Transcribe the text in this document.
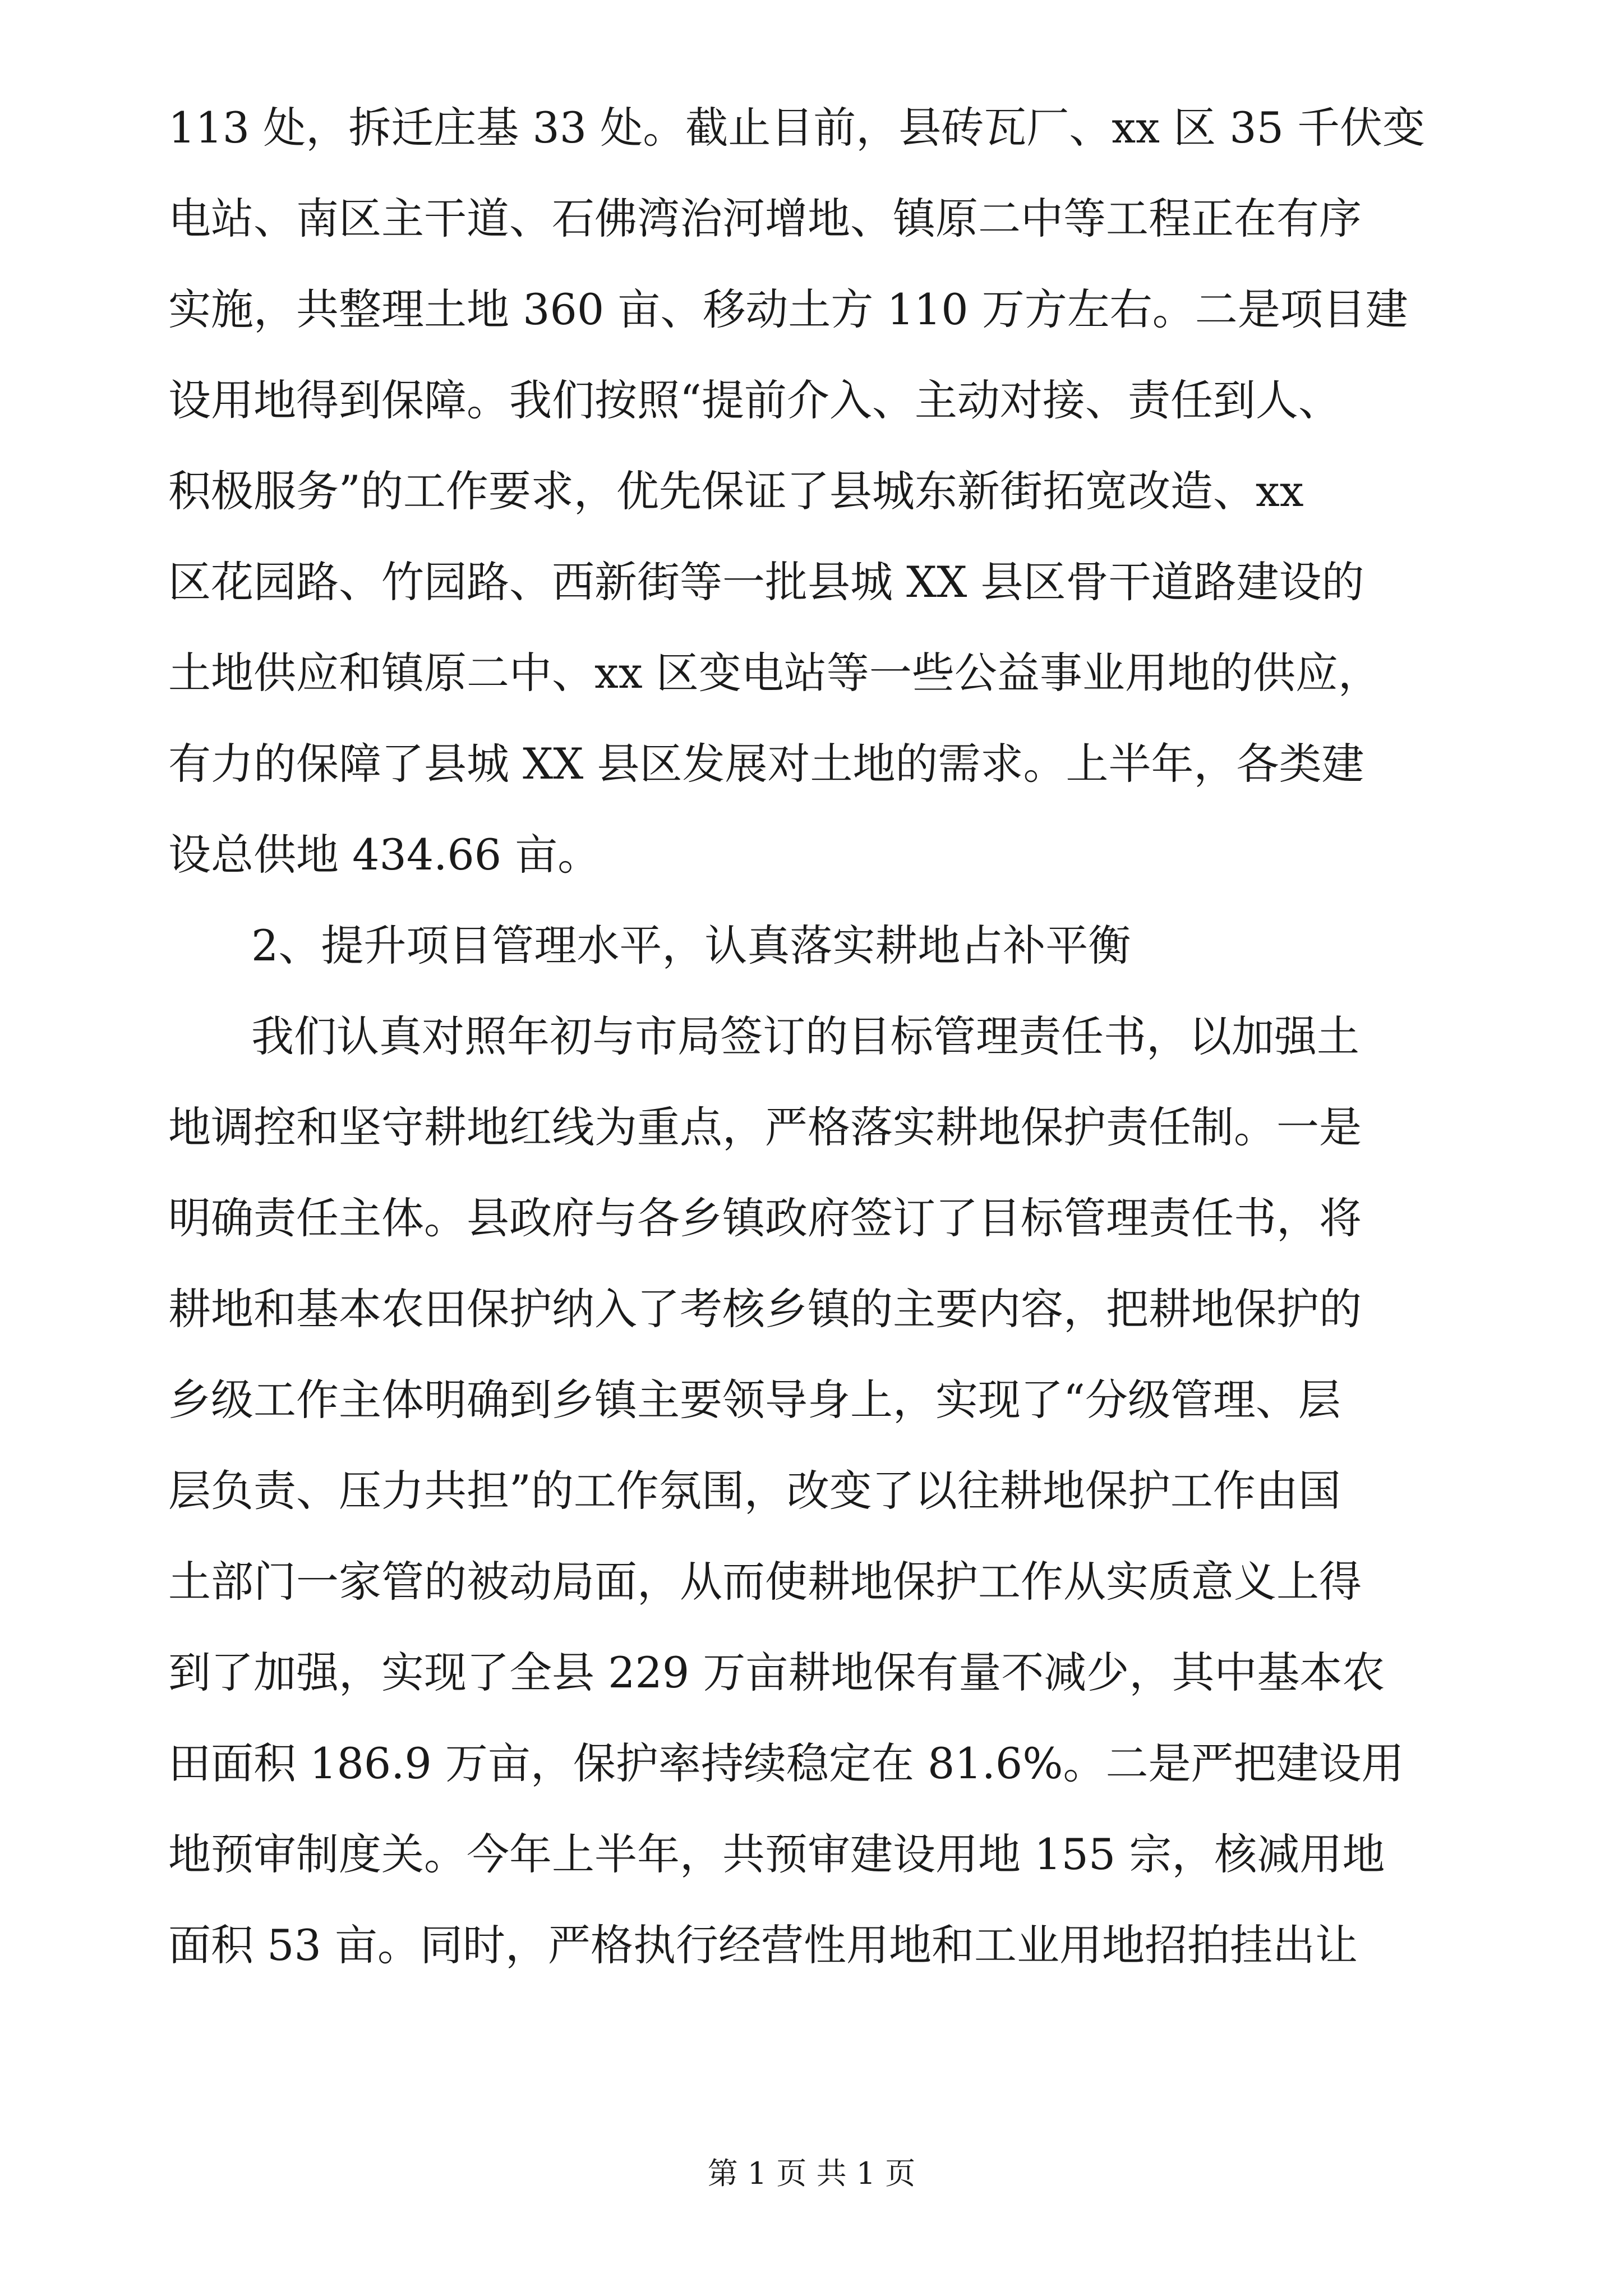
113 处，拆迁庄基 33 处。截止目前，县砖瓦厂、xx 区 35 千伏变
电站、南区主干道、石佛湾治河增地、镇原二中等工程正在有序
实施，共整理土地 360 亩、移动土方 110 万方左右。二是项目建
设用地得到保障。我们按照“提前介入、主动对接、责任到人、
积极服务”的工作要求，优先保证了县城东新街拓宽改造、xx
区花园路、竹园路、西新街等一批县城 XX 县区骨干道路建设的
土地供应和镇原二中、xx 区变电站等一些公益事业用地的供应，
有力的保障了县城 XX 县区发展对土地的需求。上半年，各类建
设总供地 434.66 亩。
2、提升项目管理水平，认真落实耕地占补平衡
我们认真对照年初与市局签订的目标管理责任书，以加强土
地调控和坚守耕地红线为重点，严格落实耕地保护责任制。一是
明确责任主体。县政府与各乡镇政府签订了目标管理责任书，将
耕地和基本农田保护纳入了考核乡镇的主要内容，把耕地保护的
乡级工作主体明确到乡镇主要领导身上，实现了“分级管理、层
层负责、压力共担”的工作氛围，改变了以往耕地保护工作由国
土部门一家管的被动局面，从而使耕地保护工作从实质意义上得
到了加强，实现了全县 229 万亩耕地保有量不减少，其中基本农
田面积 186.9 万亩，保护率持续稳定在 81.6%。二是严把建设用
地预审制度关。今年上半年，共预审建设用地 155 宗，核减用地
面积 53 亩。同时，严格执行经营性用地和工业用地招拍挂出让
第 1 页 共 1 页
